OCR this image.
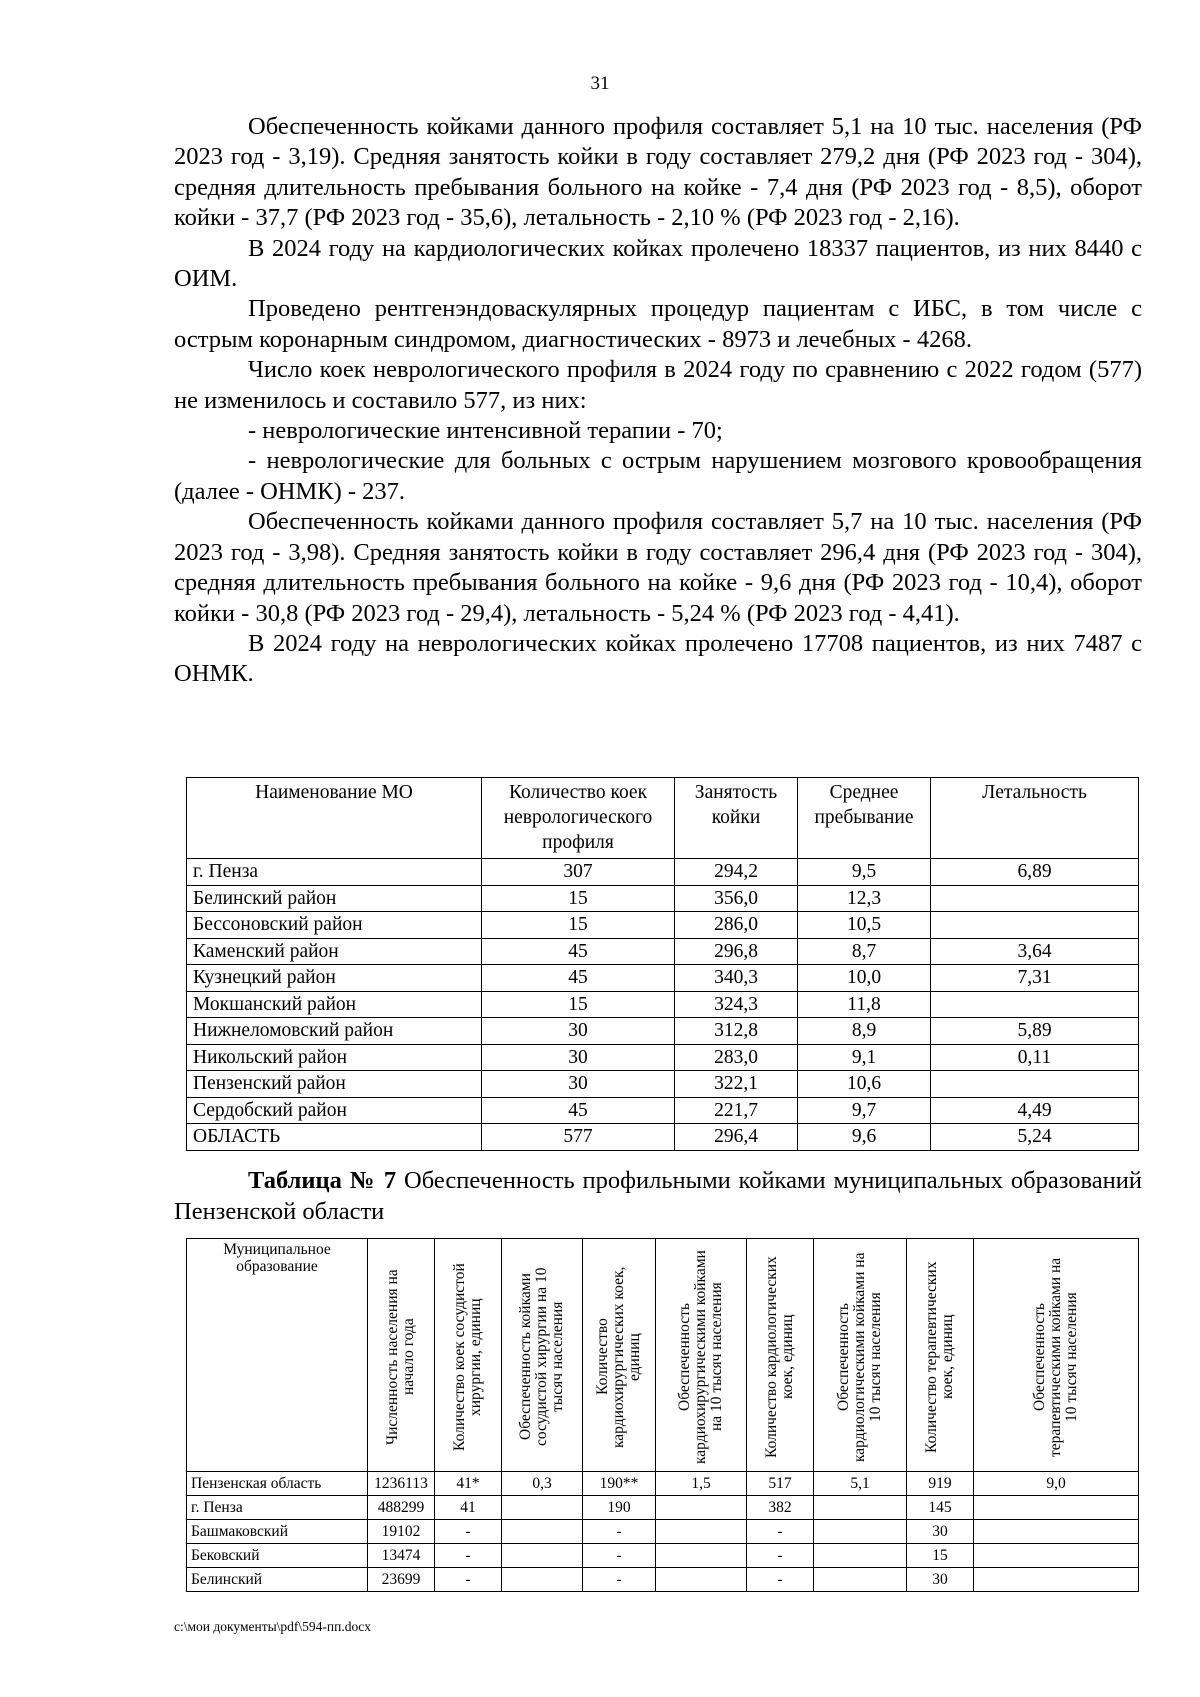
31

Обеспеченность койками данного профиля составляет 5,1 на 10 тыс. населения (РФ 2023 год - 3,19). Средняя занятость койки в году составляет 279,2 дня (РФ 2023 год - 304), средняя длительность пребывания больного на койке - 7,4 дня (РФ 2023 год - 8,5), оборот койки - 37,7 (РФ 2023 год - 35,6), летальность - 2,10 % (РФ 2023 год - 2,16).

В 2024 году на кардиологических койках пролечено 18337 пациентов, из них 8440 с ОИМ.

Проведено рентгенэндоваскулярных процедур пациентам с ИБС, в том числе с острым коронарным синдромом, диагностических - 8973 и лечебных - 4268.

Число коек неврологического профиля в 2024 году по сравнению с 2022 годом (577) не изменилось и составило 577, из них:

- неврологические интенсивной терапии - 70;

- неврологические для больных с острым нарушением мозгового кровообращения (далее - ОНМК) - 237.

Обеспеченность койками данного профиля составляет 5,7 на 10 тыс. населения (РФ 2023 год - 3,98). Средняя занятость койки в году составляет 296,4 дня (РФ 2023 год - 304), средняя длительность пребывания больного на койке - 9,6 дня (РФ 2023 год - 10,4), оборот койки - 30,8 (РФ 2023 год - 29,4), летальность - 5,24 % (РФ 2023 год - 4,41).

В 2024 году на неврологических койках пролечено 17708 пациентов, из них 7487 с ОНМК.

Наименование МО	Количество коек неврологического профиля	Занятость койки	Среднее пребывание	Летальность
г. Пенза	307	294,2	9,5	6,89
Белинский район	15	356,0	12,3	
Бессоновский район	15	286,0	10,5	
Каменский район	45	296,8	8,7	3,64
Кузнецкий район	45	340,3	10,0	7,31
Мокшанский район	15	324,3	11,8	
Нижнеломовский район	30	312,8	8,9	5,89
Никольский район	30	283,0	9,1	0,11
Пензенский район	30	322,1	10,6	
Сердобский район	45	221,7	9,7	4,49
ОБЛАСТЬ	577	296,4	9,6	5,24

Таблица № 7 Обеспеченность профильными койками муниципальных образований Пензенской области

Муниципальное образование	Численность населения на начало года	Количество коек сосудистой хирургии, единиц	Обеспеченность койками сосудистой хирургии на 10 тысяч населения	Количество кардиохирургических коек, единиц	Обеспеченность кардиохирургическими койками на 10 тысяч населения	Количество кардиологических коек, единиц	Обеспеченность кардиологическими койками на 10 тысяч населения	Количество терапевтических коек, единиц	Обеспеченность терапевтическими койками на 10 тысяч населения

Пензенская область	1236113	41*	0,3	190**	1,5	517	5,1	919	9,0
г. Пенза	488299	41		190		382		145	
Башмаковский	19102	-		-		-		30	
Бековский	13474	-		-		-		15	
Белинский	23699	-		-		-		30	
c:\мои документы\pdf\594-пп.docx
